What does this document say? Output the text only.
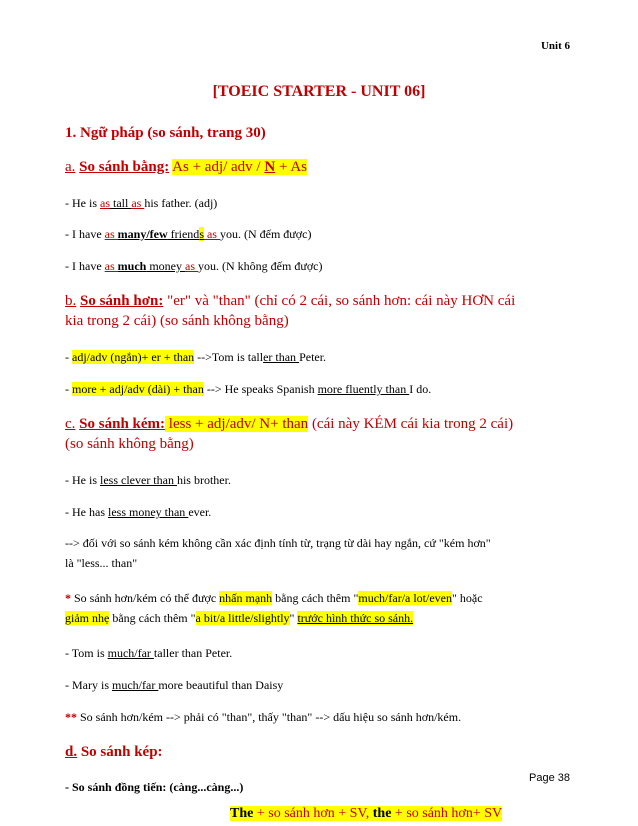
Unit 6
[TOEIC STARTER - UNIT 06]
1. Ngữ pháp (so sánh, trang 30)
a. So sánh bằng: As + adj/ adv / N + As
- He is as tall as his father. (adj)
- I have as many/few friends as you. (N đếm được)
- I have as much money as you. (N không đếm được)
b. So sánh hơn: "er" và "than" (chỉ có 2 cái, so sánh hơn: cái này HƠN cái
kia trong 2 cái) (so sánh không bằng)
- adj/adv (ngắn)+ er + than -->Tom is taller than Peter.
- more + adj/adv (dài) + than --> He speaks Spanish more fluently than I do.
c. So sánh kém: less + adj/adv/ N+ than (cái này KÉM cái kia trong 2 cái)
(so sánh không bằng)
- He is less clever than his brother.
- He has less money than ever.
--> đối với so sánh kém không cần xác định tính từ, trạng từ dài hay ngắn, cứ "kém hơn"
là "less... than"
* So sánh hơn/kém có thể được nhấn mạnh bằng cách thêm "much/far/a lot/even" hoặc
giảm nhẹ bằng cách thêm "a bit/a little/slightly" trước hình thức so sánh.
- Tom is much/far taller than Peter.
- Mary is much/far more beautiful than Daisy
** So sánh hơn/kém --> phải có "than", thấy "than" --> dấu hiệu so sánh hơn/kém.
d. So sánh kép:
- So sánh đồng tiến: (càng...càng...)
The + so sánh hơn + SV, the + so sánh hơn+ SV
Page 38
